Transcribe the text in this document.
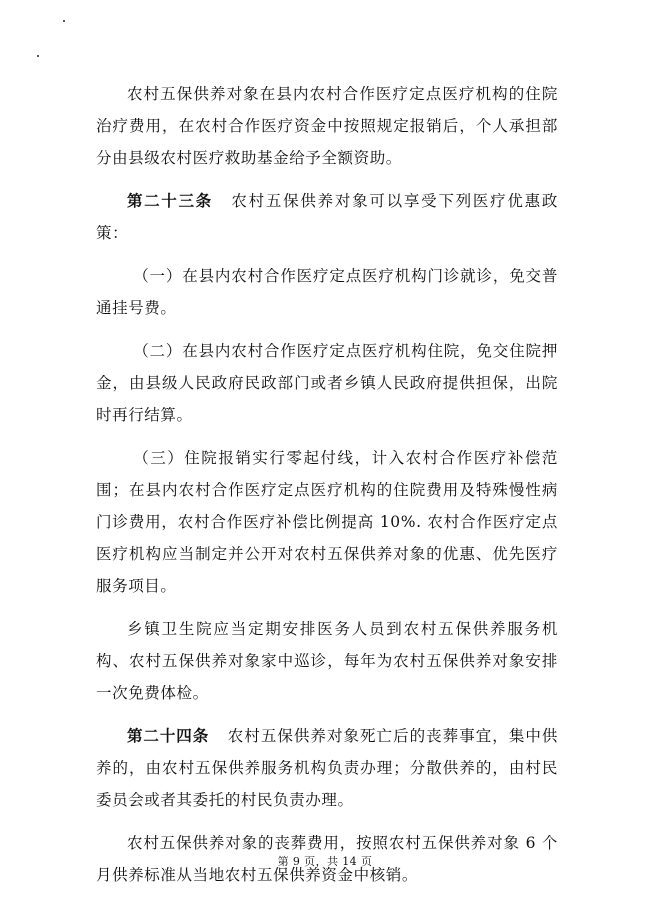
农村五保供养对象在县内农村合作医疗定点医疗机构的住院治疗费用，在农村合作医疗资金中按照规定报销后，个人承担部分由县级农村医疗救助基金给予全额资助。

第二十三条 农村五保供养对象可以享受下列医疗优惠政策：

（一）在县内农村合作医疗定点医疗机构门诊就诊，免交普通挂号费。

（二）在县内农村合作医疗定点医疗机构住院，免交住院押金，由县级人民政府民政部门或者乡镇人民政府提供担保，出院时再行结算。

（三）住院报销实行零起付线，计入农村合作医疗补偿范围；在县内农村合作医疗定点医疗机构的住院费用及特殊慢性病门诊费用，农村合作医疗补偿比例提高 10%. 农村合作医疗定点医疗机构应当制定并公开对农村五保供养对象的优惠、优先医疗服务项目。

乡镇卫生院应当定期安排医务人员到农村五保供养服务机构、农村五保供养对象家中巡诊，每年为农村五保供养对象安排一次免费体检。

第二十四条 农村五保供养对象死亡后的丧葬事宜，集中供养的，由农村五保供养服务机构负责办理；分散供养的，由村民委员会或者其委托的村民负责办理。

农村五保供养对象的丧葬费用，按照农村五保供养对象 6 个月供养标准从当地农村五保供养资金中核销。

第 9 页，共 14 页
